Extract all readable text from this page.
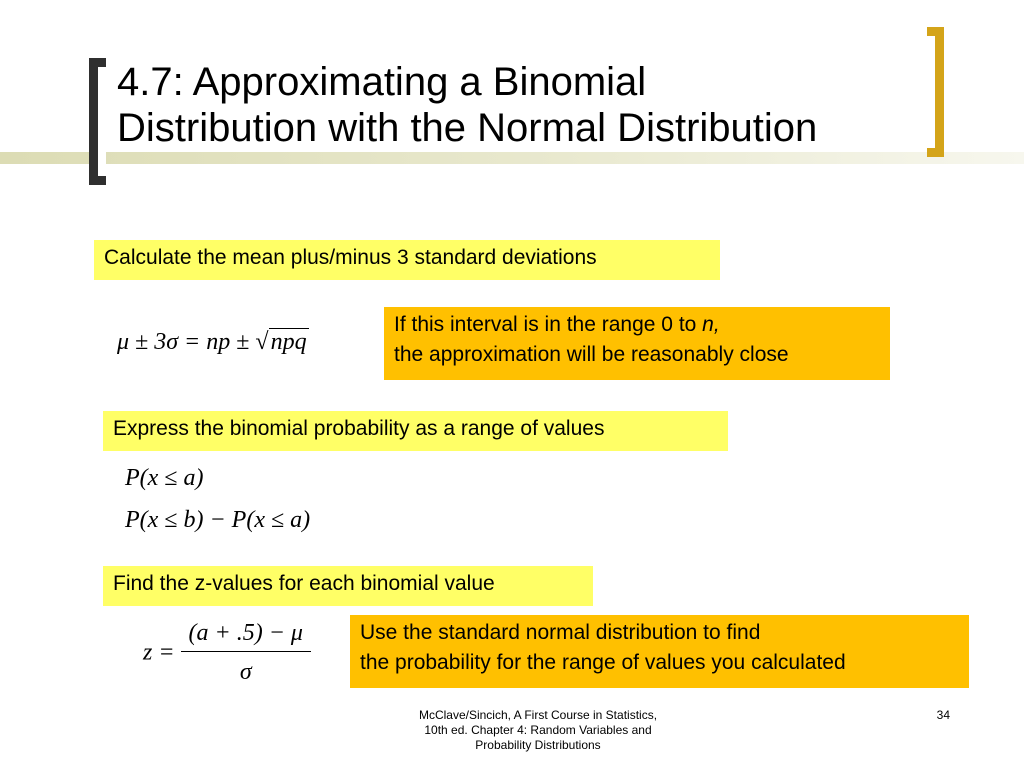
4.7: Approximating a Binomial
Distribution with the Normal Distribution
Calculate the mean plus/minus 3 standard deviations
μ ± 3σ = np ± √npq
If this interval is in the range 0 to n,
the approximation will be reasonably close
Express the binomial probability as a range of values
P(x ≤ a)
P(x ≤ b) − P(x ≤ a)
Find the z-values for each binomial value
$z = \frac{(a + .5) - \mu}{\sigma}$ Use the standard normal distribution to find
the probability for the range of values you calculated
McClave/Sincich, A First Course in Statistics,
10th ed. Chapter 4: Random Variables and
Probability Distributions
34
